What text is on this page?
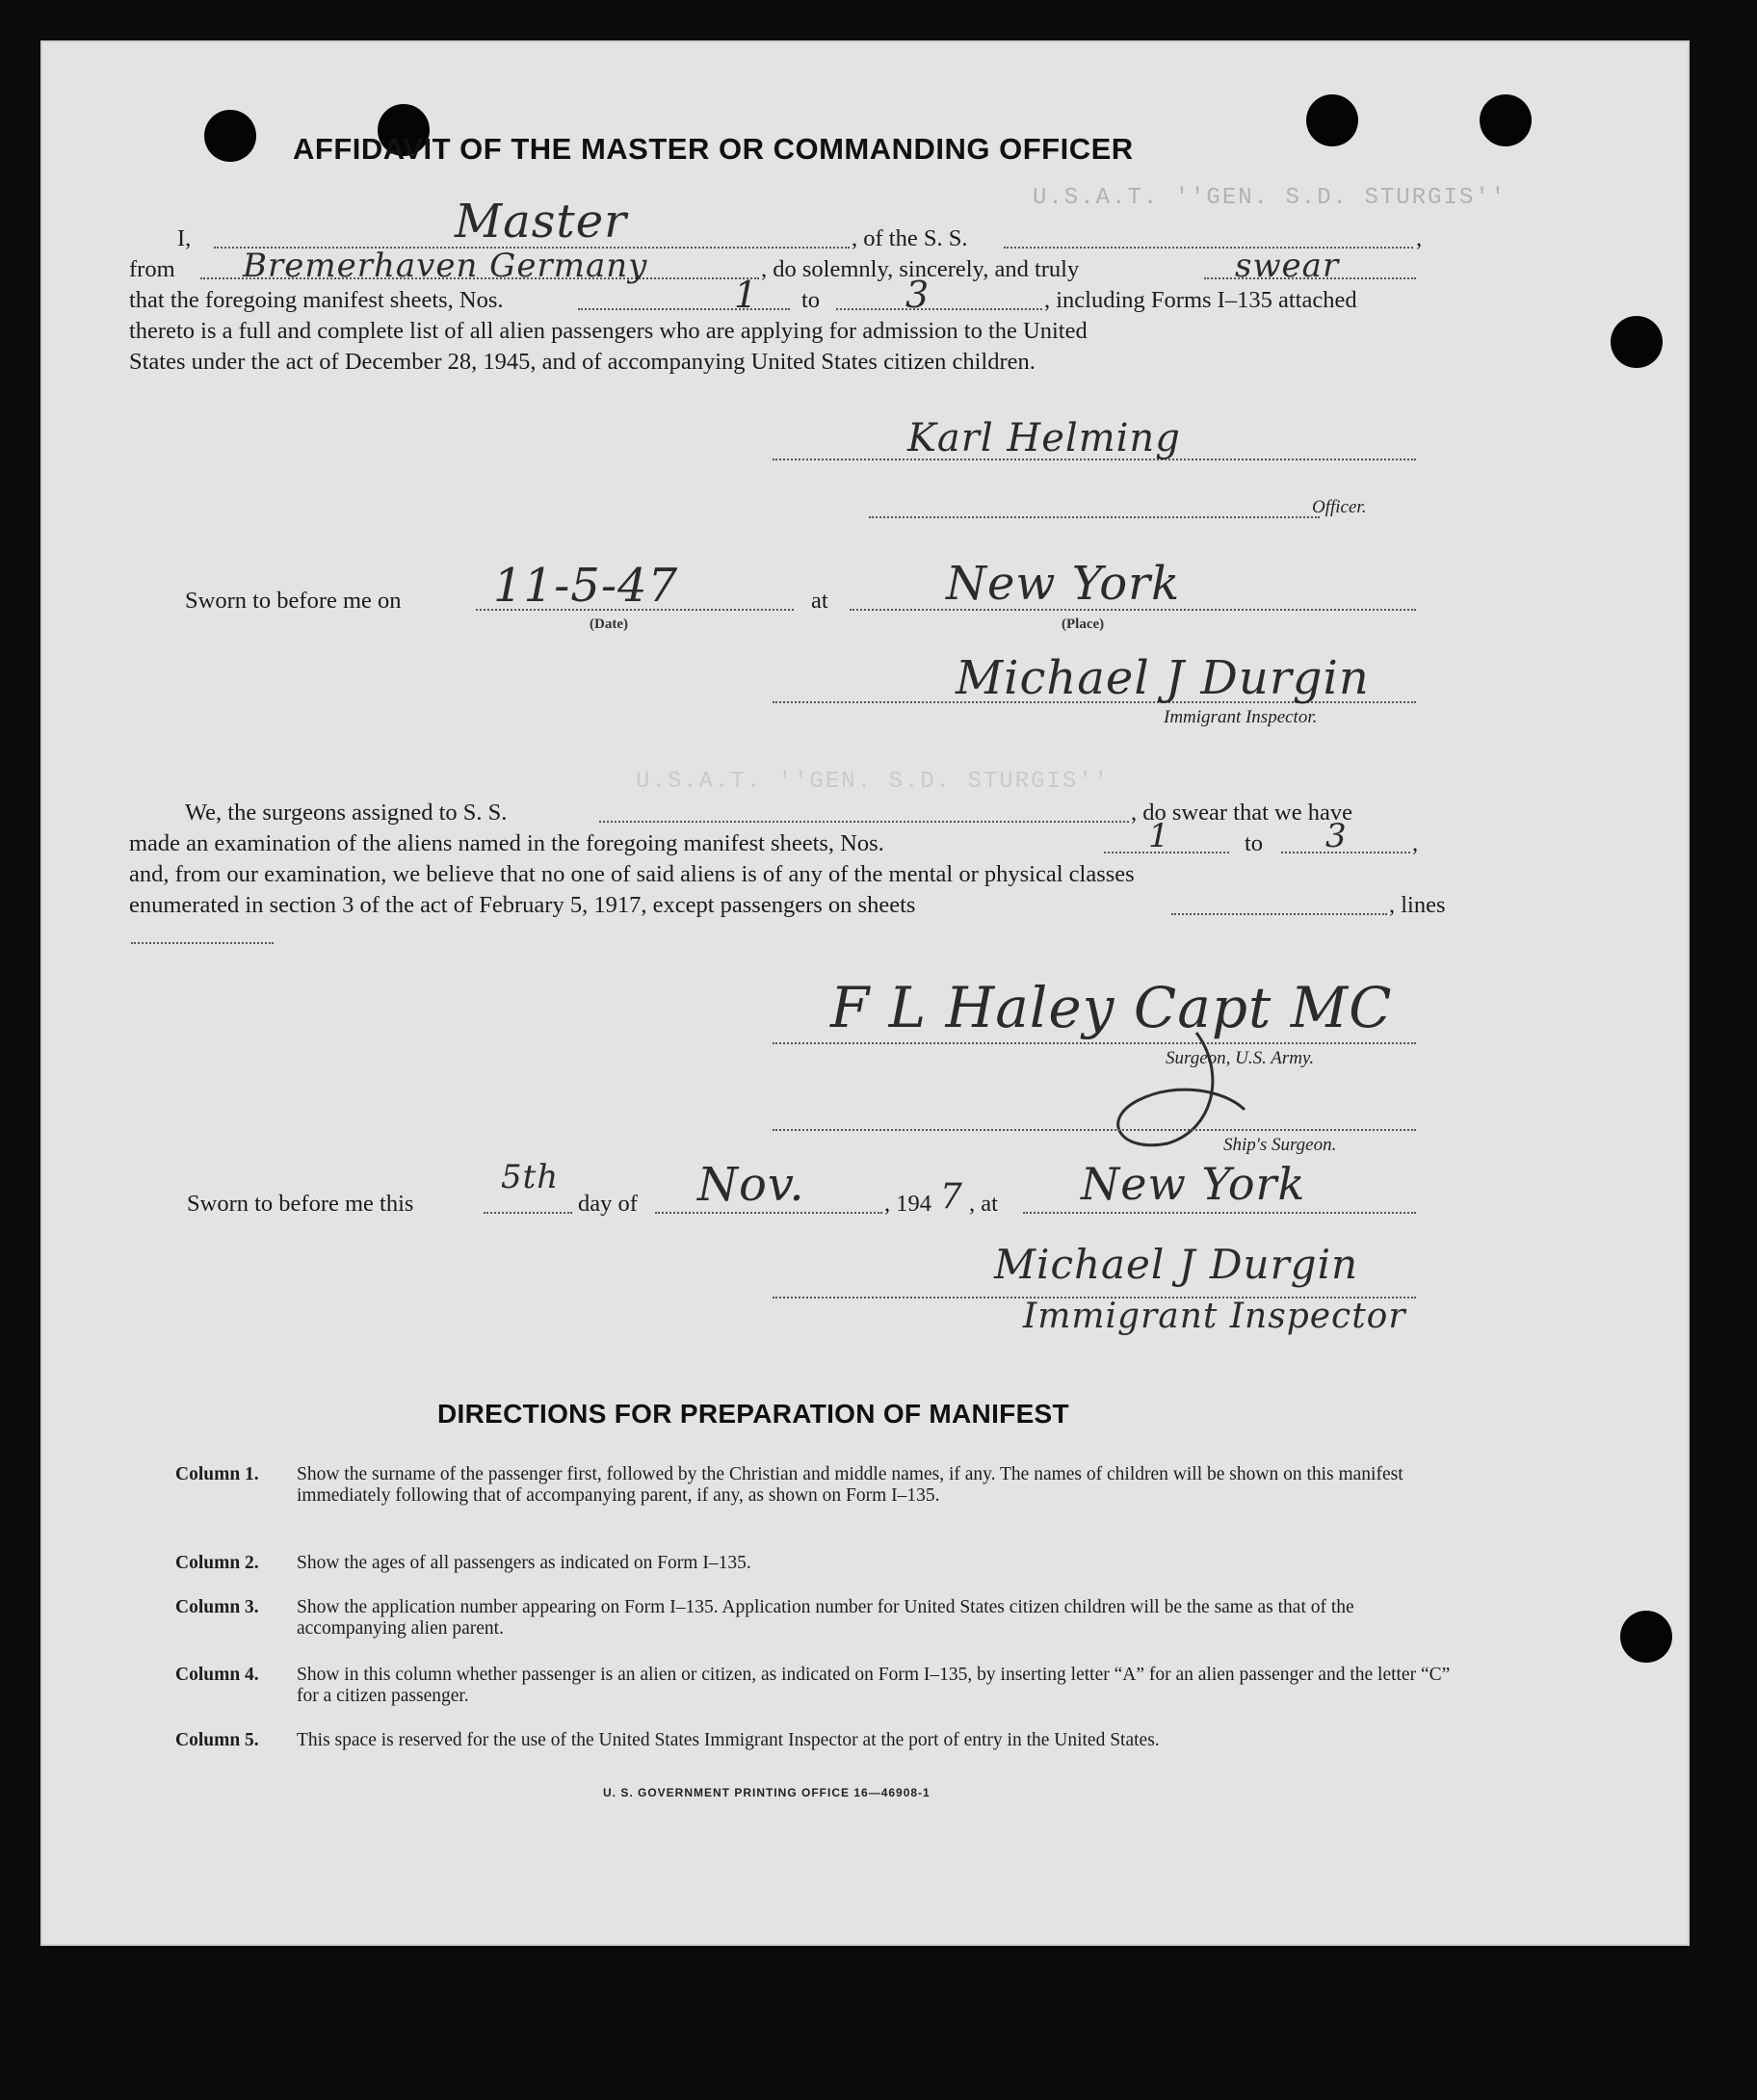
AFFIDAVIT OF THE MASTER OR COMMANDING OFFICER
U.S.A.T. ''GEN. S.D. STURGIS''
I,	Master	, of the S. S.	,
from Bremerhaven Germany	, do solemnly, sincerely, and truly	swear
that the foregoing manifest sheets, Nos.	1 to 3	, including Forms I–135 attached
thereto is a full and complete list of all alien passengers who are applying for admission to the United
States under the act of December 28, 1945, and of accompanying United States citizen children.
Karl Helming
Officer.
Sworn to before me on 11-5-47
(Date)
at	New York
(Place)
Michael J Durgin
Immigrant Inspector.
U.S.A.T. ''GEN. S.D. STURGIS''
We, the surgeons assigned to S. S.	, do swear that we have
made an examination of the aliens named in the foregoing manifest sheets, Nos.	1	to 3	,
and, from our examination, we believe that no one of said aliens is of any of the mental or physical classes
enumerated in section 3 of the act of February 5, 1917, except passengers on sheets	, lines
F L Haley Capt MC
Surgeon, U.S. Army.
Ship's Surgeon.
Sworn to before me this
5th
day of Nov.	, 194 7 , at New York
Michael J Durgin
Immigrant Inspector
DIRECTIONS FOR PREPARATION OF MANIFEST
Column 1. Show the surname of the passenger first, followed by the Christian and middle names, if any. The names of children will be shown on this manifest immediately following that of accompanying parent, if any, as shown on Form I–135.
Column 2. Show the ages of all passengers as indicated on Form I–135.
Column 3. Show the application number appearing on Form I–135. Application number for United States citizen children will be the same as that of the accompanying alien parent.
Column 4. Show in this column whether passenger is an alien or citizen, as indicated on Form I–135, by inserting letter “A” for an alien passenger and the letter “C” for a citizen passenger.
Column 5. This space is reserved for the use of the United States Immigrant Inspector at the port of entry in the United States.
U. S. GOVERNMENT PRINTING OFFICE 16—46908-1
